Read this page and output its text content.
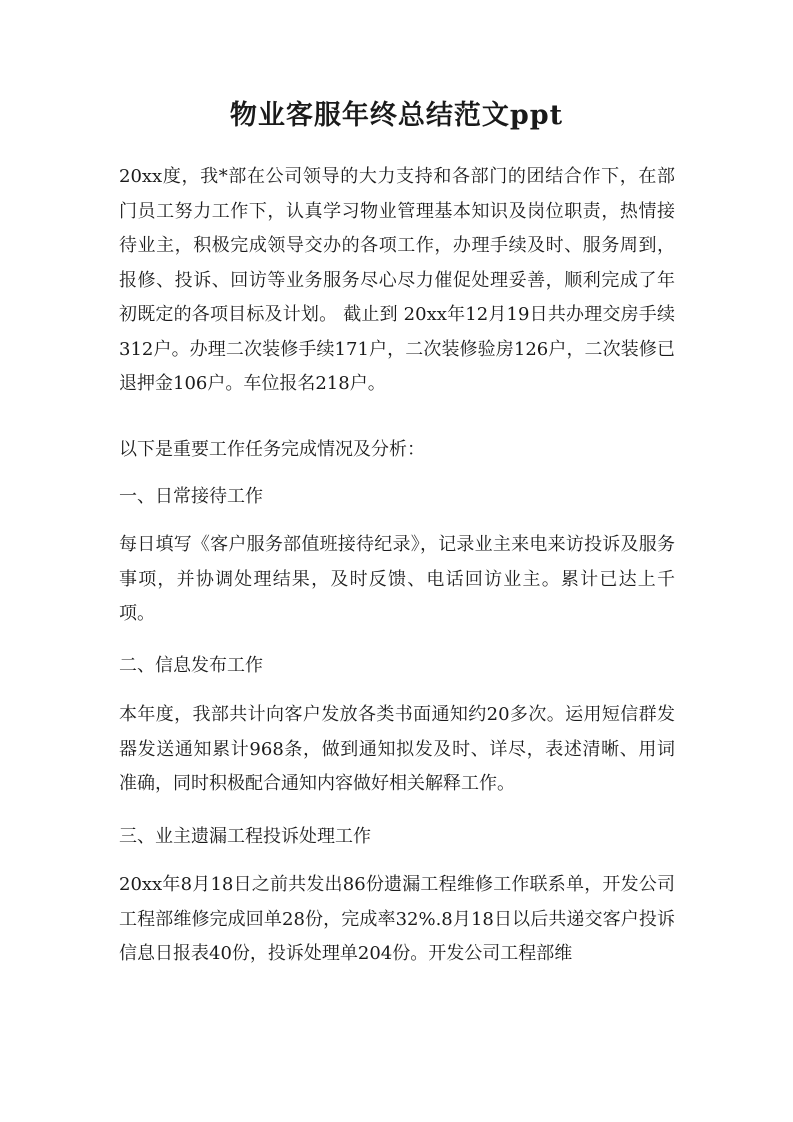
物业客服年终总结范文ppt

20xx度，我*部在公司领导的大力支持和各部门的团结合作下，在部门员工努力工作下，认真学习物业管理基本知识及岗位职责，热情接待业主，积极完成领导交办的各项工作，办理手续及时、服务周到，报修、投诉、回访等业务服务尽心尽力催促处理妥善，顺利完成了年初既定的各项目标及计划。 截止到 20xx年12月19日共办理交房手续312户。办理二次装修手续171户，二次装修验房126户，二次装修已退押金106户。车位报名218户。

以下是重要工作任务完成情况及分析：

一、日常接待工作

每日填写《客户服务部值班接待纪录》，记录业主来电来访投诉及服务事项，并协调处理结果，及时反馈、电话回访业主。累计已达上千项。

二、信息发布工作

本年度，我部共计向客户发放各类书面通知约20多次。运用短信群发器发送通知累计968条，做到通知拟发及时、详尽，表述清晰、用词准确，同时积极配合通知内容做好相关解释工作。

三、业主遗漏工程投诉处理工作

20xx年8月18日之前共发出86份遗漏工程维修工作联系单，开发公司工程部维修完成回单28份，完成率32%.8月18日以后共递交客户投诉信息日报表40份，投诉处理单204份。开发公司工程部维
